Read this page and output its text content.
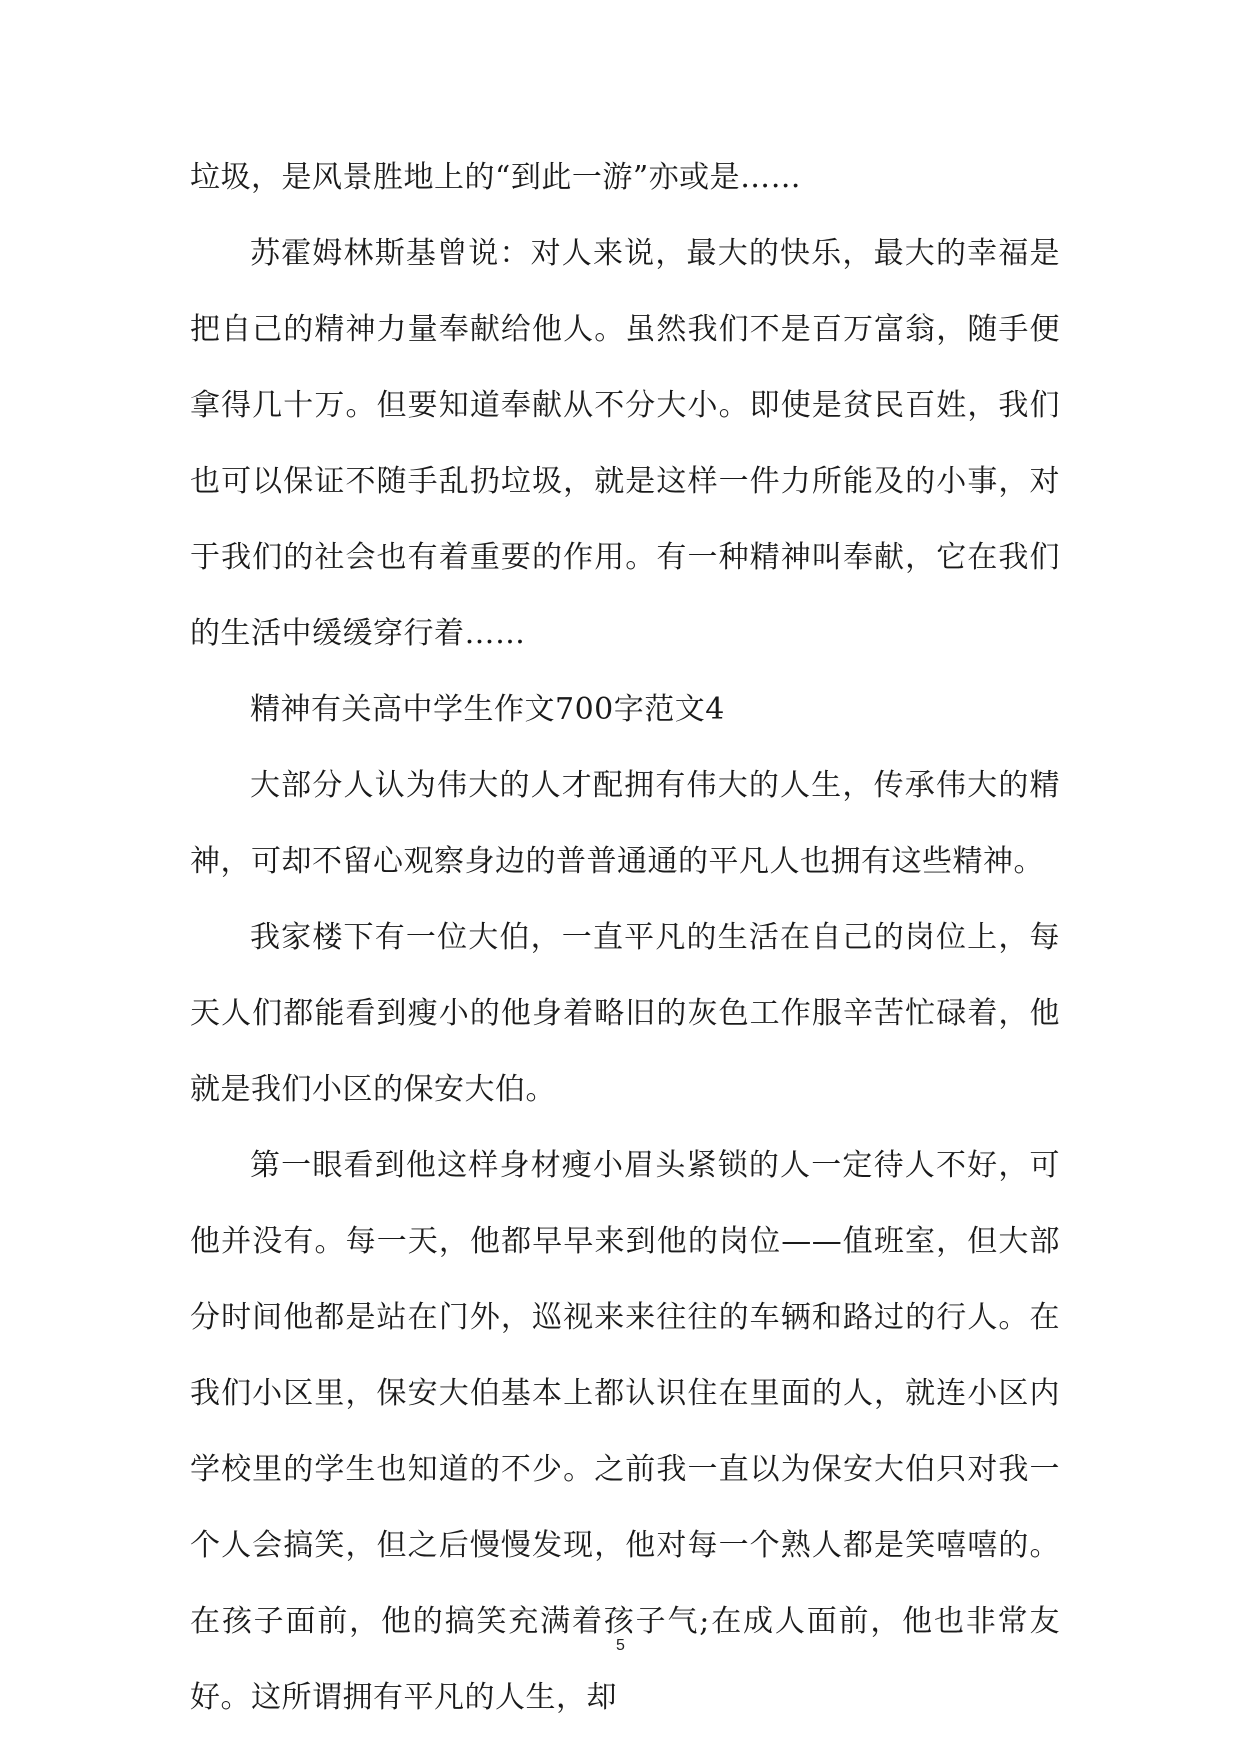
垃圾，是风景胜地上的“到此一游”亦或是……

苏霍姆林斯基曾说：对人来说，最大的快乐，最大的幸福是把自己的精神力量奉献给他人。虽然我们不是百万富翁，随手便拿得几十万。但要知道奉献从不分大小。即使是贫民百姓，我们也可以保证不随手乱扔垃圾，就是这样一件力所能及的小事，对于我们的社会也有着重要的作用。有一种精神叫奉献，它在我们的生活中缓缓穿行着……

精神有关高中学生作文700字范文4

大部分人认为伟大的人才配拥有伟大的人生，传承伟大的精神，可却不留心观察身边的普普通通的平凡人也拥有这些精神。

我家楼下有一位大伯，一直平凡的生活在自己的岗位上，每天人们都能看到瘦小的他身着略旧的灰色工作服辛苦忙碌着，他就是我们小区的保安大伯。

第一眼看到他这样身材瘦小眉头紧锁的人一定待人不好，可他并没有。每一天，他都早早来到他的岗位——值班室，但大部分时间他都是站在门外，巡视来来往往的车辆和路过的行人。在我们小区里，保安大伯基本上都认识住在里面的人，就连小区内学校里的学生也知道的不少。之前我一直以为保安大伯只对我一个人会搞笑，但之后慢慢发现，他对每一个熟人都是笑嘻嘻的。在孩子面前，他的搞笑充满着孩子气;在成人面前，他也非常友好。这所谓拥有平凡的人生，却

5
